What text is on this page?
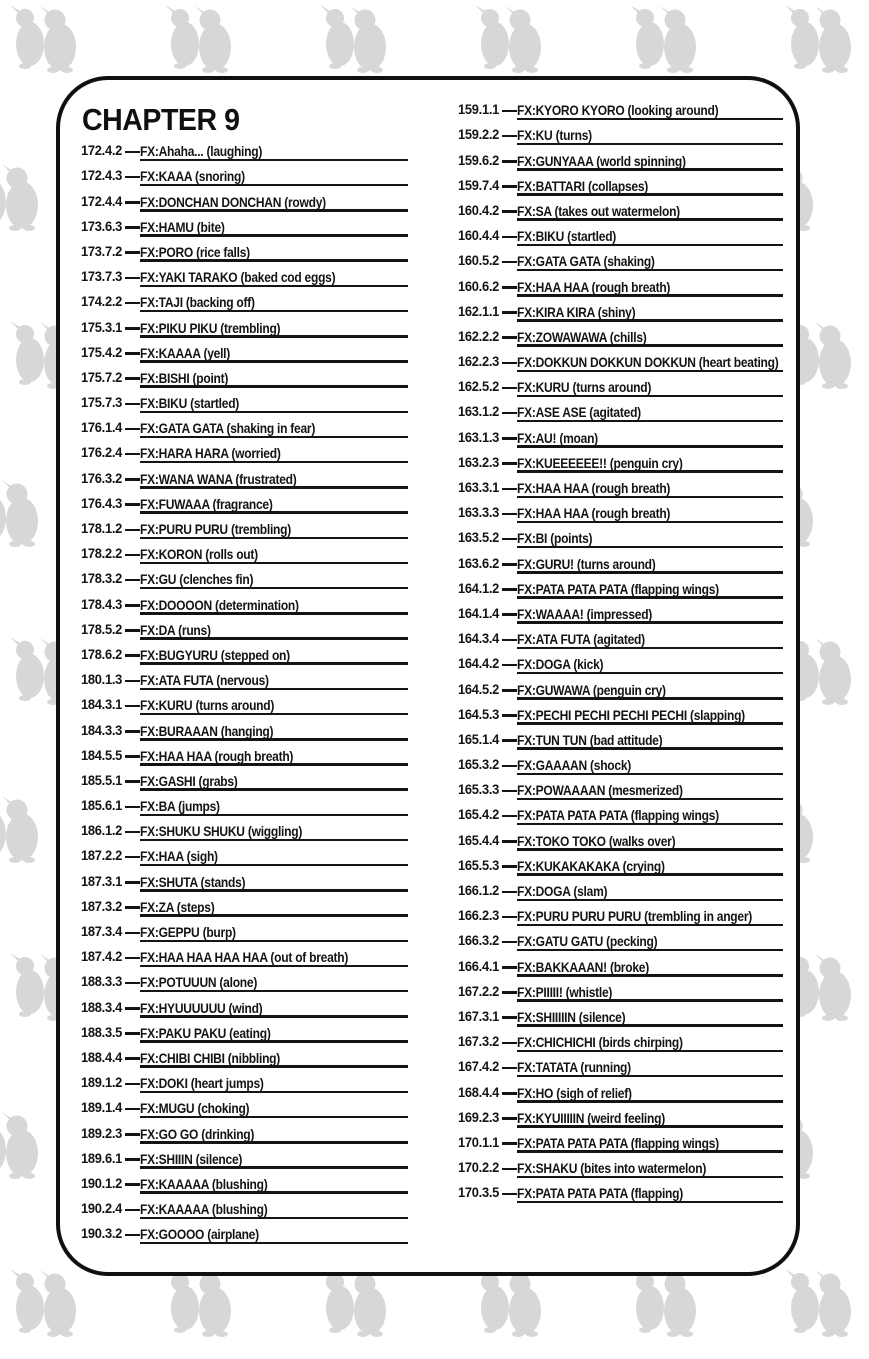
CHAPTER 9
172.4.2 FX:Ahaha... (laughing)
172.4.3 FX:KAAA (snoring)
172.4.4 FX:DONCHAN DONCHAN (rowdy)
173.6.3 FX:HAMU (bite)
173.7.2 FX:PORO (rice falls)
173.7.3 FX:YAKI TARAKO (baked cod eggs)
174.2.2 FX:TAJI (backing off)
175.3.1 FX:PIKU PIKU (trembling)
175.4.2 FX:KAAAA (yell)
175.7.2 FX:BISHI (point)
175.7.3 FX:BIKU (startled)
176.1.4 FX:GATA GATA (shaking in fear)
176.2.4 FX:HARA HARA (worried)
176.3.2 FX:WANA WANA (frustrated)
176.4.3 FX:FUWAAA (fragrance)
178.1.2 FX:PURU PURU (trembling)
178.2.2 FX:KORON (rolls out)
178.3.2 FX:GU (clenches fin)
178.4.3 FX:DOOOON (determination)
178.5.2 FX:DA (runs)
178.6.2 FX:BUGYURU (stepped on)
180.1.3 FX:ATA FUTA (nervous)
184.3.1 FX:KURU (turns around)
184.3.3 FX:BURAAAN (hanging)
184.5.5 FX:HAA HAA (rough breath)
185.5.1 FX:GASHI (grabs)
185.6.1 FX:BA (jumps)
186.1.2 FX:SHUKU SHUKU (wiggling)
187.2.2 FX:HAA (sigh)
187.3.1 FX:SHUTA (stands)
187.3.2 FX:ZA (steps)
187.3.4 FX:GEPPU (burp)
187.4.2 FX:HAA HAA HAA HAA (out of breath)
188.3.3 FX:POTUUUN (alone)
188.3.4 FX:HYUUUUUU (wind)
188.3.5 FX:PAKU PAKU (eating)
188.4.4 FX:CHIBI CHIBI (nibbling)
189.1.2 FX:DOKI (heart jumps)
189.1.4 FX:MUGU (choking)
189.2.3 FX:GO GO (drinking)
189.6.1 FX:SHIIIN (silence)
190.1.2 FX:KAAAAA (blushing)
190.2.4 FX:KAAAAA (blushing)
190.3.2 FX:GOOOO (airplane)
159.1.1 FX:KYORO KYORO (looking around)
159.2.2 FX:KU (turns)
159.6.2 FX:GUNYAAA (world spinning)
159.7.4 FX:BATTARI (collapses)
160.4.2 FX:SA (takes out watermelon)
160.4.4 FX:BIKU (startled)
160.5.2 FX:GATA GATA (shaking)
160.6.2 FX:HAA HAA (rough breath)
162.1.1 FX:KIRA KIRA (shiny)
162.2.2 FX:ZOWAWAWA (chills)
162.2.3 FX:DOKKUN DOKKUN DOKKUN (heart beating)
162.5.2 FX:KURU (turns around)
163.1.2 FX:ASE ASE (agitated)
163.1.3 FX:AU! (moan)
163.2.3 FX:KUEEEEEE!! (penguin cry)
163.3.1 FX:HAA HAA (rough breath)
163.3.3 FX:HAA HAA (rough breath)
163.5.2 FX:BI (points)
163.6.2 FX:GURU! (turns around)
164.1.2 FX:PATA PATA PATA (flapping wings)
164.1.4 FX:WAAAA! (impressed)
164.3.4 FX:ATA FUTA (agitated)
164.4.2 FX:DOGA (kick)
164.5.2 FX:GUWAWA (penguin cry)
164.5.3 FX:PECHI PECHI PECHI PECHI (slapping)
165.1.4 FX:TUN TUN (bad attitude)
165.3.2 FX:GAAAAN (shock)
165.3.3 FX:POWAAAAN (mesmerized)
165.4.2 FX:PATA PATA PATA (flapping wings)
165.4.4 FX:TOKO TOKO (walks over)
165.5.3 FX:KUKAKAKAKA (crying)
166.1.2 FX:DOGA (slam)
166.2.3 FX:PURU PURU PURU (trembling in anger)
166.3.2 FX:GATU GATU (pecking)
166.4.1 FX:BAKKAAAN! (broke)
167.2.2 FX:PIIIII! (whistle)
167.3.1 FX:SHIIIIIN (silence)
167.3.2 FX:CHICHICHI (birds chirping)
167.4.2 FX:TATATA (running)
168.4.4 FX:HO (sigh of relief)
169.2.3 FX:KYUIIIIIN (weird feeling)
170.1.1 FX:PATA PATA PATA (flapping wings)
170.2.2 FX:SHAKU (bites into watermelon)
170.3.5 FX:PATA PATA PATA (flapping)
